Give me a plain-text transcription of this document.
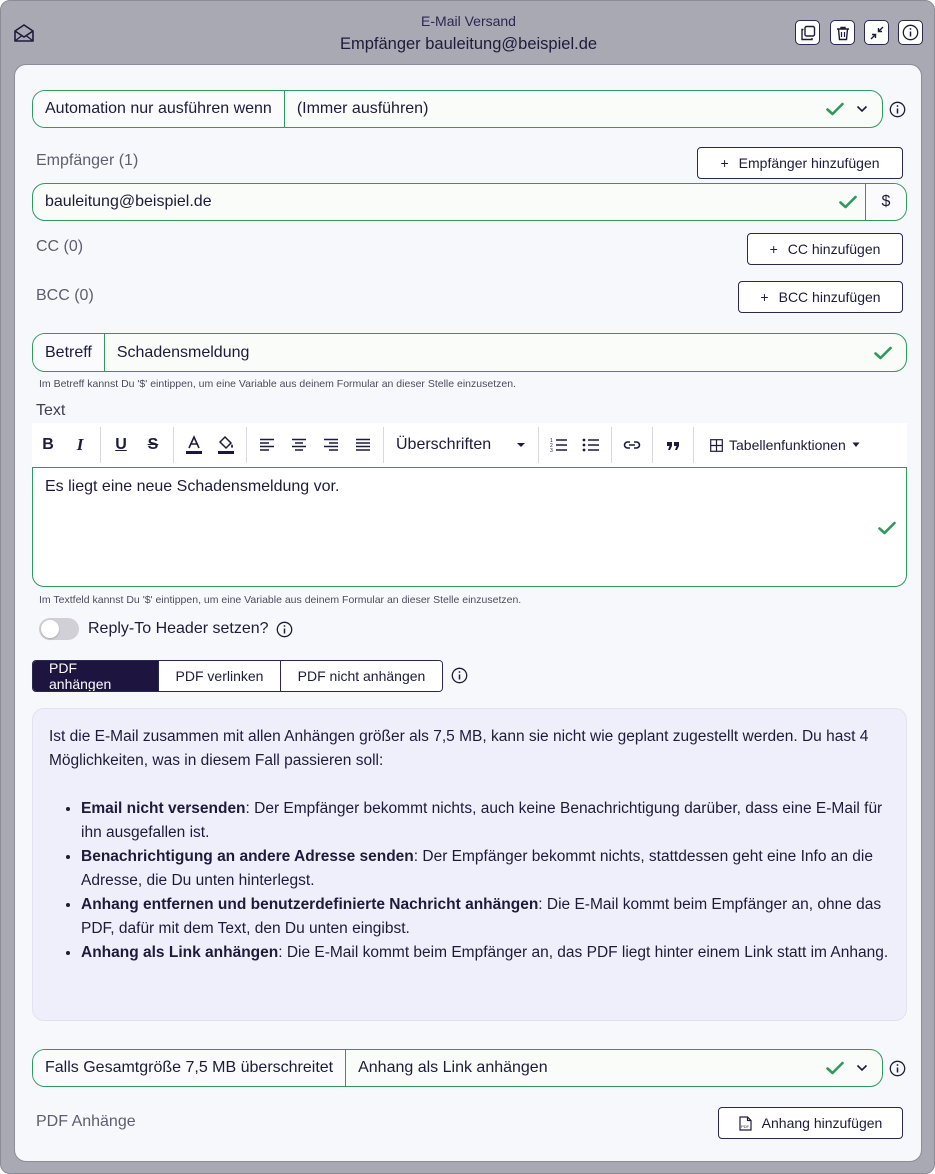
E-Mail Versand
Empfänger bauleitung@beispiel.de
Automation nur ausführen wenn	(Immer ausführen)
Empfänger (1)	+ Empfänger hinzufügen
bauleitung@beispiel.de	$
CC (0)	+ CC hinzufügen
BCC (0)	+ BCC hinzufügen
Betreff	Schadensmeldung
Im Betreff kannst Du '$' eintippen, um eine Variable aus deinem Formular an dieser Stelle einzusetzen.
Text
B I U S	Überschriften	1
2
3	Tabellenfunktionen
Es liegt eine neue Schadensmeldung vor.
Im Textfeld kannst Du '$' eintippen, um eine Variable aus deinem Formular an dieser Stelle einzusetzen.
Reply-To Header setzen?
PDF anhängen	PDF verlinken	PDF nicht anhängen

Ist die E-Mail zusammen mit allen Anhängen größer als 7,5 MB, kann sie nicht wie geplant zugestellt werden. Du hast 4 Möglichkeiten, was in diesem Fall passieren soll:

• Email nicht versenden: Der Empfänger bekommt nichts, auch keine Benachrichtigung darüber, dass eine E-Mail für ihn ausgefallen ist.
• Benachrichtigung an andere Adresse senden: Der Empfänger bekommt nichts, stattdessen geht eine Info an die Adresse, die Du unten hinterlegst.
• Anhang entfernen und benutzerdefinierte Nachricht anhängen: Die E-Mail kommt beim Empfänger an, ohne das PDF, dafür mit dem Text, den Du unten eingibst.
• Anhang als Link anhängen: Die E-Mail kommt beim Empfänger an, das PDF liegt hinter einem Link statt im Anhang.
Falls Gesamtgröße 7,5 MB überschreitet	Anhang als Link anhängen
PDF Anhänge	PDF Anhang hinzufügen
